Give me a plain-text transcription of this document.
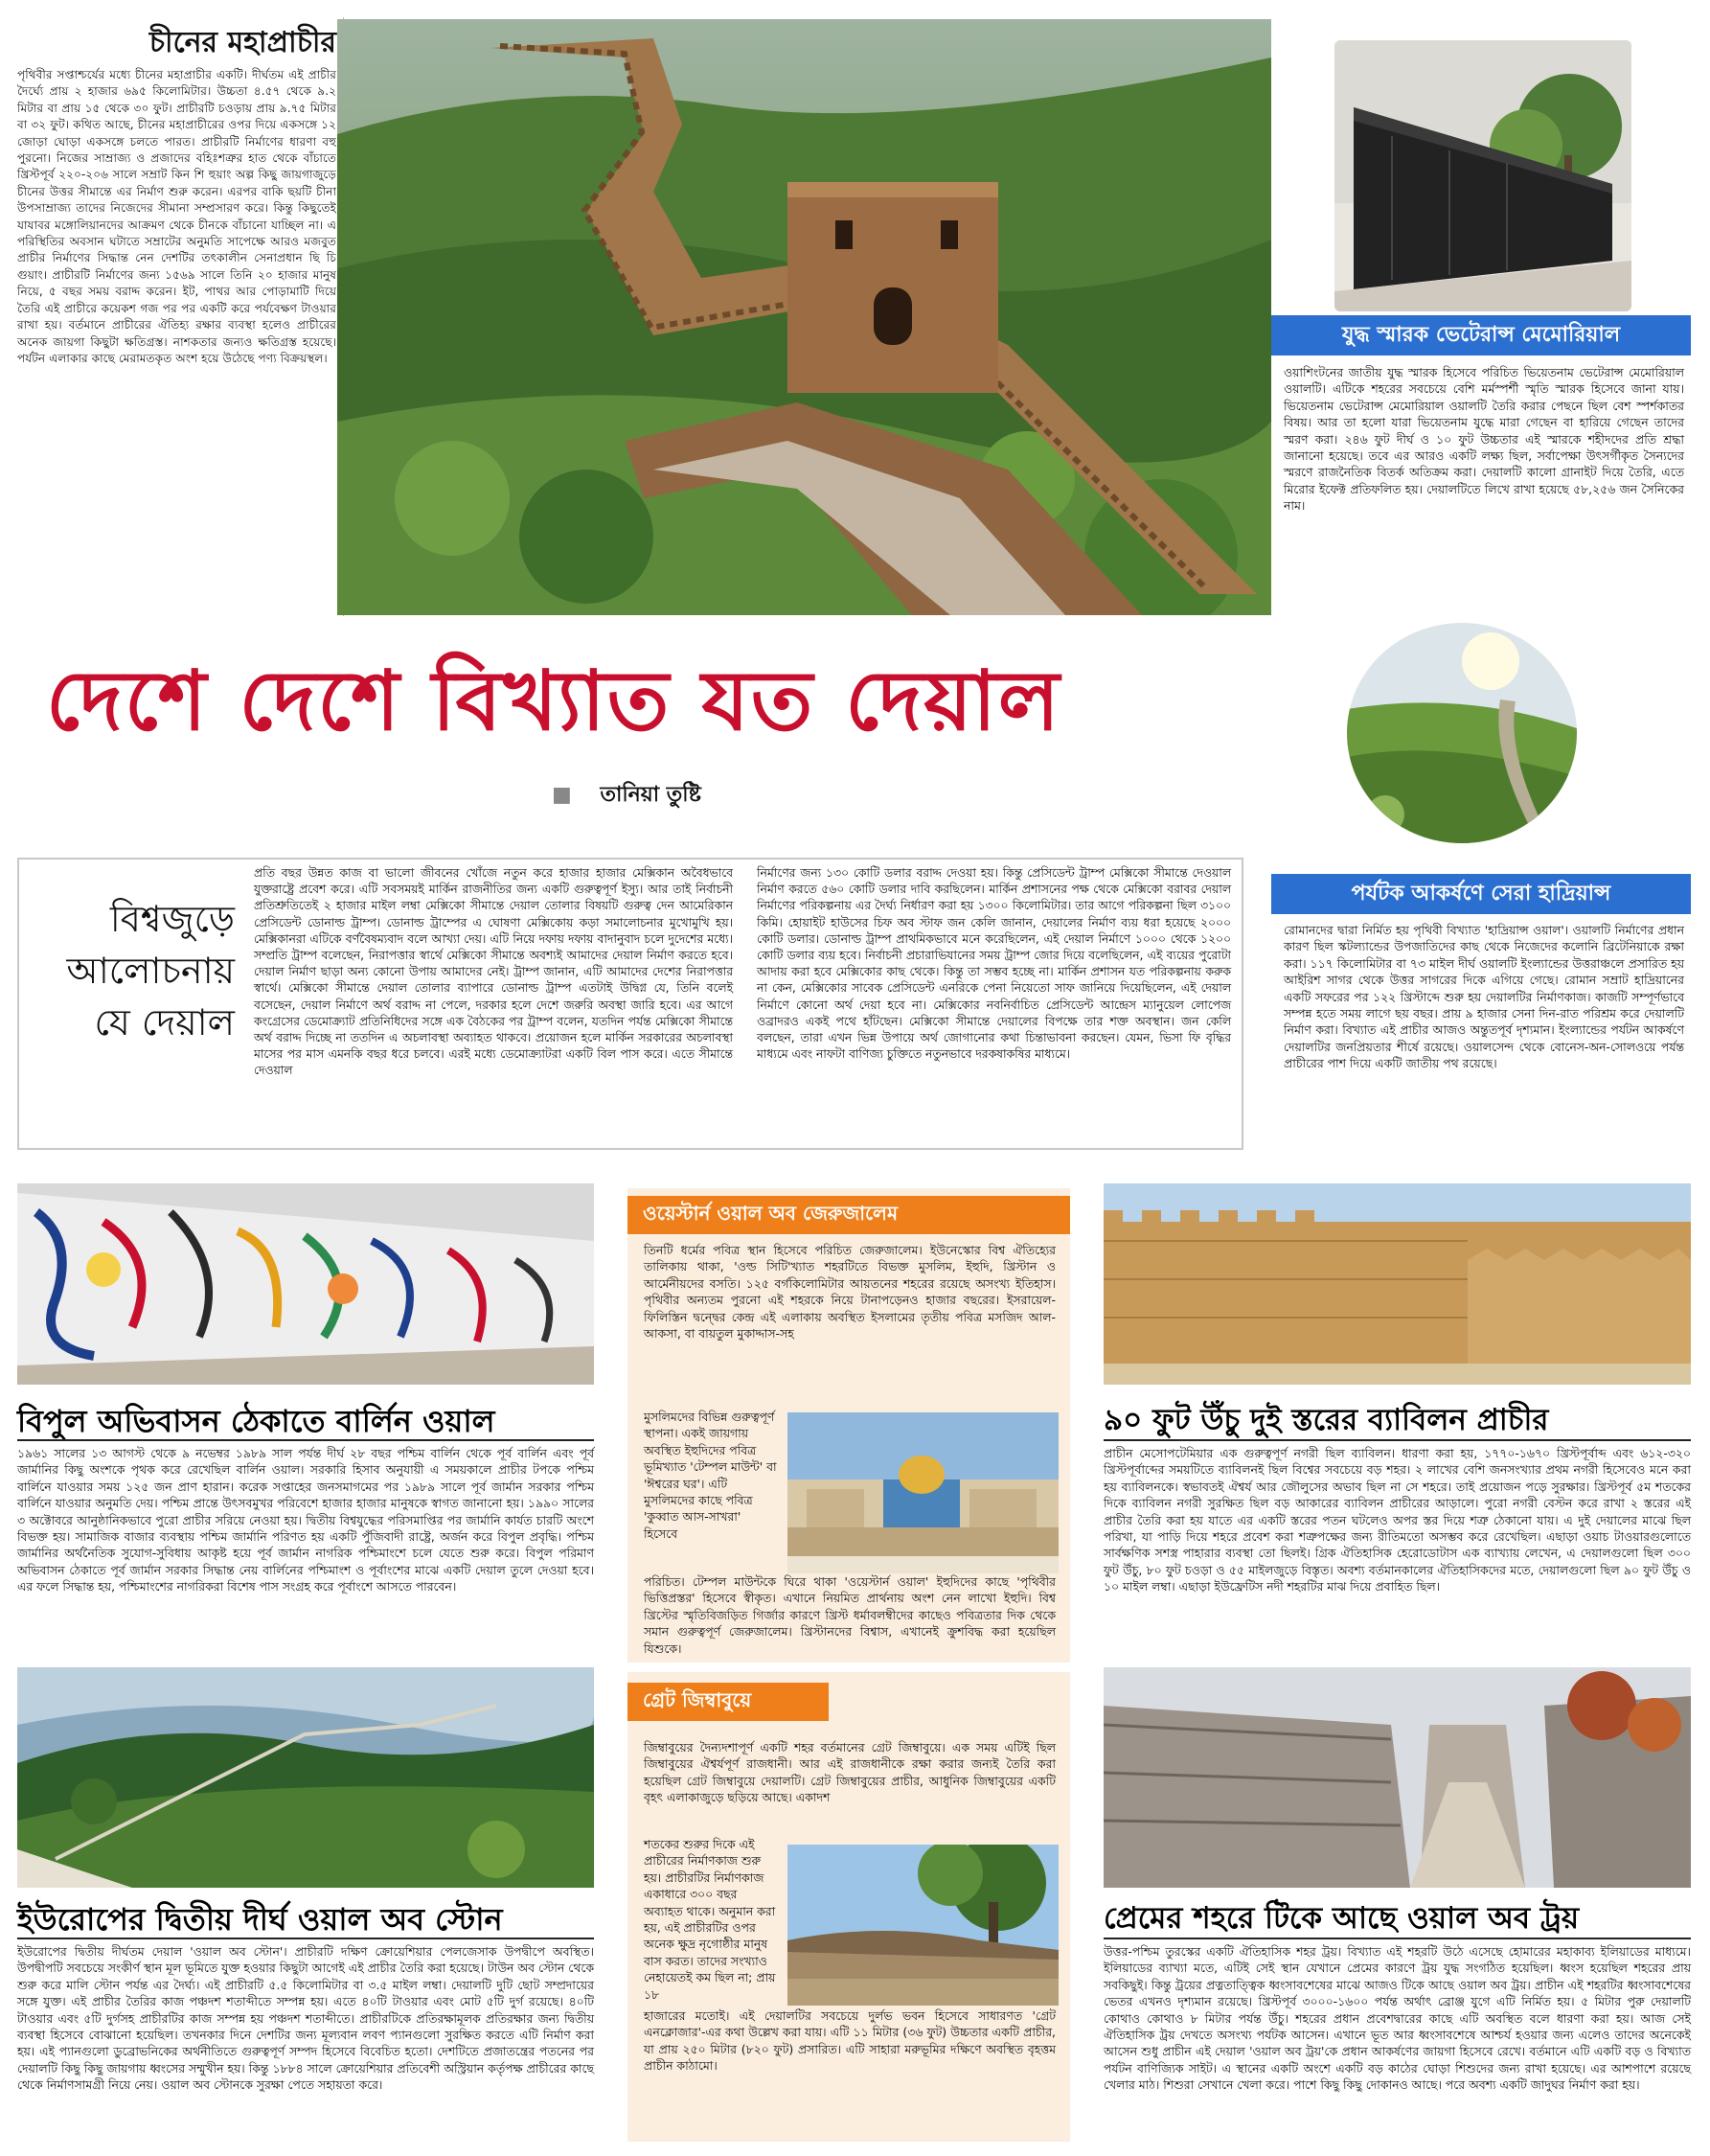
চীনের মহাপ্রাচীর
পৃথিবীর সপ্তাশ্চর্যের মধ্যে চীনের মহাপ্রাচীর একটি। দীর্ঘতম এই প্রাচীর দৈর্ঘ্যে প্রায় ২ হাজার ৬৯৫ কিলোমিটার। উচ্চতা ৪.৫৭ থেকে ৯.২ মিটার বা প্রায় ১৫ থেকে ৩০ ফুট। প্রাচীরটি চওড়ায় প্রায় ৯.৭৫ মিটার বা ৩২ ফুট। কথিত আছে, চীনের মহাপ্রাচীরের ওপর দিয়ে একসঙ্গে ১২ জোড়া ঘোড়া একসঙ্গে চলতে পারত। প্রাচীরটি নির্মাণের ধারণা বহু পুরনো। নিজের সাম্রাজ্য ও প্রজাদের বহিঃশত্রুর হাত থেকে বাঁচাতে খ্রিস্টপূর্ব ২২০-২০৬ সালে সম্রাট কিন শি হুয়াং অল্প কিছু জায়গাজুড়ে চীনের উত্তর সীমান্তে এর নির্মাণ শুরু করেন। এরপর বাকি ছয়টি চীনা উপসাম্রাজ্য তাদের নিজেদের সীমানা সম্প্রসারণ করে। কিন্তু কিছুতেই যাযাবর মঙ্গোলিয়ানদের আক্রমণ থেকে চীনকে বাঁচানো যাচ্ছিল না। এ পরিস্থিতির অবসান ঘটাতে সম্রাটের অনুমতি সাপেক্ষে আরও মজবুত প্রাচীর নির্মাণের সিদ্ধান্ত নেন দেশটির তৎকালীন সেনাপ্রধান ছি চি গুয়াং। প্রাচীরটি নির্মাণের জন্য ১৫৬৯ সালে তিনি ২০ হাজার মানুষ নিয়ে, ৫ বছর সময় বরাদ্দ করেন। ইট, পাথর আর পোড়ামাটি দিয়ে তৈরি এই প্রাচীরে কয়েকশ গজ পর পর একটি করে পর্যবেক্ষণ টাওয়ার রাখা হয়। বর্তমানে প্রাচীরের ঐতিহ্য রক্ষার ব্যবস্থা হলেও প্রাচীরের অনেক জায়গা কিছুটা ক্ষতিগ্রস্ত। নাশকতার জন্যও ক্ষতিগ্রস্ত হয়েছে। পর্যটন এলাকার কাছে মেরামতকৃত অংশ হয়ে উঠেছে পণ্য বিক্রয়স্থল।
যুদ্ধ স্মারক ভেটেরান্স মেমোরিয়াল
ওয়াশিংটনের জাতীয় যুদ্ধ স্মারক হিসেবে পরিচিত ভিয়েতনাম ভেটেরান্স মেমোরিয়াল ওয়ালটি। এটিকে শহরের সবচেয়ে বেশি মর্মস্পর্শী স্মৃতি স্মারক হিসেবে জানা যায়। ভিয়েতনাম ভেটেরান্স মেমোরিয়াল ওয়ালটি তৈরি করার পেছনে ছিল বেশ স্পর্শকাতর বিষয়। আর তা হলো যারা ভিয়েতনাম যুদ্ধে মারা গেছেন বা হারিয়ে গেছেন তাদের স্মরণ করা। ২৪৬ ফুট দীর্ঘ ও ১০ ফুট উচ্চতার এই স্মারকে শহীদদের প্রতি শ্রদ্ধা জানানো হয়েছে। তবে এর আরও একটি লক্ষ্য ছিল, সর্বাপেক্ষা উৎসর্গীকৃত সৈন্যদের স্মরণে রাজনৈতিক বিতর্ক অতিক্রম করা। দেয়ালটি কালো গ্রানাইট দিয়ে তৈরি, এতে মিরোর ইফেক্ট প্রতিফলিত হয়। দেয়ালটিতে লিখে রাখা হয়েছে ৫৮,২৫৬ জন সৈনিকের নাম।
পর্যটক আকর্ষণে সেরা হাদ্রিয়ান্স
রোমানদের দ্বারা নির্মিত হয় পৃথিবী বিখ্যাত 'হাদ্রিয়ান্স ওয়াল'। ওয়ালটি নির্মাণের প্রধান কারণ ছিল স্কটল্যান্ডের উপজাতিদের কাছ থেকে নিজেদের কলোনি ব্রিটেনিয়াকে রক্ষা করা। ১১৭ কিলোমিটার বা ৭৩ মাইল দীর্ঘ ওয়ালটি ইংল্যান্ডের উত্তরাঞ্চলে প্রসারিত হয় আইরিশ সাগর থেকে উত্তর সাগরের দিকে এগিয়ে গেছে। রোমান সম্রাট হাদ্রিয়ানের একটি সফরের পর ১২২ খ্রিস্টাব্দে শুরু হয় দেয়ালটির নির্মাণকাজ। কাজটি সম্পূর্ণভাবে সম্পন্ন হতে সময় লাগে ছয় বছর। প্রায় ৯ হাজার সেনা দিন-রাত পরিশ্রম করে দেয়ালটি নির্মাণ করা। বিখ্যাত এই প্রাচীর আজও অন্তুতপূর্ব দৃশ্যমান। ইংল্যান্ডের পর্যটন আকর্ষণে দেয়ালটির জনপ্রিয়তার শীর্ষে রয়েছে। ওয়ালসেন্দ থেকে বোনেস-অন-সোলওয়ে পর্যন্ত প্রাচীরের পাশ দিয়ে একটি জাতীয় পথ রয়েছে।
দেশে দেশে বিখ্যাত যত দেয়াল
■ তানিয়া তুষ্টি
বিশ্বজুড়ে
আলোচনায়
যে দেয়াল
প্রতি বছর উন্নত কাজ বা ভালো জীবনের খোঁজে নতুন করে হাজার হাজার মেক্সিকান অবৈধভাবে যুক্তরাষ্ট্রে প্রবেশ করে। এটি সবসময়ই মার্কিন রাজনীতির জন্য একটি গুরুত্বপূর্ণ ইস্যু। আর তাই নির্বাচনী প্রতিশ্রুতিতেই ২ হাজার মাইল লম্বা মেক্সিকো সীমান্তে দেয়াল তোলার বিষয়টি গুরুত্ব দেন আমেরিকান প্রেসিডেন্ট ডোনাল্ড ট্রাম্প। ডোনাল্ড ট্রাম্পের এ ঘোষণা মেক্সিকোয় কড়া সমালোচনার মুখোমুখি হয়। মেক্সিকানরা এটিকে বর্ণবৈষম্যবাদ বলে আখ্যা দেয়। এটি নিয়ে দফায় দফায় বাদানুবাদ চলে দুদেশের মধ্যে। সম্প্রতি ট্রাম্প বলেছেন, নিরাপত্তার স্বার্থে মেক্সিকো সীমান্তে অবশ্যই আমাদের দেয়াল নির্মাণ করতে হবে। দেয়াল নির্মাণ ছাড়া অন্য কোনো উপায় আমাদের নেই। ট্রাম্প জানান, এটি আমাদের দেশের নিরাপত্তার স্বার্থে। মেক্সিকো সীমান্তে দেয়াল তোলার ব্যাপারে ডোনাল্ড ট্রাম্প এতটাই উদ্বিগ্ন যে, তিনি বলেই বসেছেন, দেয়াল নির্মাণে অর্থ বরাদ্দ না পেলে, দরকার হলে দেশে জরুরি অবস্থা জারি হবে। এর আগে কংগ্রেসের ডেমোক্র্যাট প্রতিনিধিদের সঙ্গে এক বৈঠকের পর ট্রাম্প বলেন, যতদিন পর্যন্ত মেক্সিকো সীমান্তে অর্থ বরাদ্দ দিচ্ছে না ততদিন এ অচলাবস্থা অব্যাহত থাকবে। প্রয়োজন হলে মার্কিন সরকারের অচলাবস্থা মাসের পর মাস এমনকি বছর ধরে চলবে। এরই মধ্যে ডেমোক্র্যাটরা একটি বিল পাস করে। এতে সীমান্তে দেওয়াল
নির্মাণের জন্য ১৩০ কোটি ডলার বরাদ্দ দেওয়া হয়। কিন্তু প্রেসিডেন্ট ট্রাম্প মেক্সিকো সীমান্তে দেওয়াল নির্মাণ করতে ৫৬০ কোটি ডলার দাবি করছিলেন। মার্কিন প্রশাসনের পক্ষ থেকে মেক্সিকো বরাবর দেয়াল নির্মাণের পরিকল্পনায় এর দৈর্ঘ্য নির্ধারণ করা হয় ১৩০০ কিলোমিটার। তার আগে পরিকল্পনা ছিল ৩১০০ কিমি। হোয়াইট হাউসের চিফ অব স্টাফ জন কেলি জানান, দেয়ালের নির্মাণ ব্যয় ধরা হয়েছে ২০০০ কোটি ডলার। ডোনাল্ড ট্রাম্প প্রাথমিকভাবে মনে করেছিলেন, এই দেয়াল নির্মাণে ১০০০ থেকে ১২০০ কোটি ডলার ব্যয় হবে। নির্বাচনী প্রচারাভিযানের সময় ট্রাম্প জোর দিয়ে বলেছিলেন, এই ব্যয়ের পুরোটা আদায় করা হবে মেক্সিকোর কাছ থেকে। কিন্তু তা সম্ভব হচ্ছে না। মার্কিন প্রশাসন যত পরিকল্পনায় করুক না কেন, মেক্সিকোর সাবেক প্রেসিডেন্ট এনরিকে পেনা নিয়েতো সাফ জানিয়ে দিয়েছিলেন, এই দেয়াল নির্মাণে কোনো অর্থ দেয়া হবে না। মেক্সিকোর নবনির্বাচিত প্রেসিডেন্ট আন্দ্রেস ম্যানুয়েল লোপেজ ওব্রাদরও একই পথে হাঁটছেন। মেক্সিকো সীমান্তে দেয়ালের বিপক্ষে তার শক্ত অবস্থান। জন কেলি বলছেন, তারা এখন ভিন্ন উপায়ে অর্থ জোগানোর কথা চিন্তাভাবনা করছেন। যেমন, ভিসা ফি বৃদ্ধির মাধ্যমে এবং নাফটা বাণিজ্য চুক্তিতে নতুনভাবে দরকষাকষির মাধ্যমে।
বিপুল অভিবাসন ঠেকাতে বার্লিন ওয়াল
১৯৬১ সালের ১৩ আগস্ট থেকে ৯ নভেম্বর ১৯৮৯ সাল পর্যন্ত দীর্ঘ ২৮ বছর পশ্চিম বার্লিন থেকে পূর্ব বার্লিন এবং পূর্ব জার্মানির কিছু অংশকে পৃথক করে রেখেছিল বার্লিন ওয়াল। সরকারি হিসাব অনুযায়ী এ সময়কালে প্রাচীর টপকে পশ্চিম বার্লিনে যাওয়ার সময় ১২৫ জন প্রাণ হারান। করেক সপ্তাহের জনসমাগমের পর ১৯৮৯ সালে পূর্ব জার্মান সরকার পশ্চিম বার্লিনে যাওয়ার অনুমতি দেয়। পশ্চিম প্রান্তে উৎসবমুখর পরিবেশে হাজার হাজার মানুষকে স্বাগত জানানো হয়। ১৯৯০ সালের ৩ অক্টোবরে আনুষ্ঠানিকভাবে পুরো প্রাচীর সরিয়ে নেওয়া হয়। দ্বিতীয় বিশ্বযুদ্ধের পরিসমাপ্তির পর জার্মানি কার্যত চারটি অংশে বিভক্ত হয়। সামাজিক বাজার ব্যবস্থায় পশ্চিম জার্মানি পরিণত হয় একটি পুঁজিবাদী রাষ্ট্রে, অর্জন করে বিপুল প্রবৃদ্ধি। পশ্চিম জার্মানির অর্থনৈতিক সুযোগ-সুবিধায় আকৃষ্ট হয়ে পূর্ব জার্মান নাগরিক পশ্চিমাংশে চলে যেতে শুরু করে। বিপুল পরিমাণ অভিবাসন ঠেকাতে পূর্ব জার্মান সরকার সিদ্ধান্ত নেয় বার্লিনের পশ্চিমাংশ ও পূর্বাংশের মাঝে একটি দেয়াল তুলে দেওয়া হবে। এর ফলে সিদ্ধান্ত হয়, পশ্চিমাংশের নাগরিকরা বিশেষ পাস সংগ্রহ করে পূর্বাংশে আসতে পারবেন।
ইউরোপের দ্বিতীয় দীর্ঘ ওয়াল অব স্টোন
ইউরোপের দ্বিতীয় দীর্ঘতম দেয়াল 'ওয়াল অব স্টোন'। প্রাচীরটি দক্ষিণ ক্রোয়েশিয়ার পেলজেসাক উপদ্বীপে অবস্থিত। উপদ্বীপটি সবচেয়ে সংকীর্ণ স্থান মূল ভূমিতে যুক্ত হওয়ার কিছুটা আগেই এই প্রাচীর তৈরি করা হয়েছে। টাউন অব স্টোন থেকে শুরু করে মালি স্টোন পর্যন্ত এর দৈর্ঘ্য। এই প্রাচীরটি ৫.৫ কিলোমিটার বা ৩.৫ মাইল লম্বা। দেয়ালটি দুটি ছোট সম্প্রদায়ের সঙ্গে যুক্ত। এই প্রাচীর তৈরির কাজ পঞ্চদশ শতাব্দীতে সম্পন্ন হয়। এতে ৪০টি টাওয়ার এবং মোট ৫টি দুর্গ রয়েছে। ৪০টি টাওয়ার এবং ৫টি দুর্গসহ প্রাচীরটির কাজ সম্পন্ন হয় পঞ্চদশ শতাব্দীতে। প্রাচীরটিকে প্রতিরক্ষামূলক প্রতিরক্ষার জন্য দ্বিতীয় ব্যবস্থা হিসেবে বোঝানো হয়েছিল। তখনকার দিনে দেশটির জন্য মূল্যবান লবণ প্যানগুলো সুরক্ষিত করতে এটি নির্মাণ করা হয়। এই প্যানগুলো ডুব্রোভনিকের অর্থনীতিতে গুরুত্বপূর্ণ সম্পদ হিসেবে বিবেচিত হতো। দেশটিতে প্রজাতন্ত্রের পতনের পর দেয়ালটি কিছু কিছু জায়গায় ধ্বংসের সম্মুখীন হয়। কিন্তু ১৮৮৪ সালে ক্রোয়েশিয়ার প্রতিবেশী অস্ট্রিয়ান কর্তৃপক্ষ প্রাচীরের কাছে থেকে নির্মাণসামগ্রী নিয়ে নেয়। ওয়াল অব স্টোনকে সুরক্ষা পেতে সহায়তা করে।
ওয়েস্টার্ন ওয়াল অব জেরুজালেম
তিনটি ধর্মের পবিত্র স্থান হিসেবে পরিচিত জেরুজালেম। ইউনেস্কোর বিশ্ব ঐতিহ্যের তালিকায় থাকা, 'ওল্ড সিটি'খ্যাত শহরটিতে বিভক্ত মুসলিম, ইহুদি, খ্রিস্টান ও আর্মেনীয়দের বসতি। ১২৫ বর্গকিলোমিটার আয়তনের শহরের রয়েছে অসংখ্য ইতিহাস। পৃথিবীর অন্যতম পুরনো এই শহরকে নিয়ে টানাপড়েনও হাজার বছরের। ইসরায়েল-ফিলিস্তিন দ্বন্দ্বের কেন্দ্র এই এলাকায় অবস্থিত ইসলামের তৃতীয় পবিত্র মসজিদ আল-আকসা, বা বায়তুল মুকাদ্দাস-সহ
মুসলিমদের বিভিন্ন গুরুত্বপূর্ণ স্থাপনা। একই জায়গায় অবস্থিত ইহুদিদের পবিত্র ভূমিখ্যাত 'টেম্পল মাউন্ট' বা 'ঈশ্বরের ঘর'। এটি মুসলিমদের কাছে পবিত্র 'কুব্বাত আস-সাখরা' হিসেবে
পরিচিত। টেম্পল মাউন্টকে ঘিরে থাকা 'ওয়েস্টার্ন ওয়াল' ইহুদিদের কাছে 'পৃথিবীর ভিত্তিপ্রস্তর' হিসেবে স্বীকৃত। এখানে নিয়মিত প্রার্থনায় অংশ নেন লাখো ইহুদি। বিশ্ব খ্রিস্টের স্মৃতিবিজড়িত গির্জার কারণে খ্রিস্ট ধর্মাবলম্বীদের কাছেও পবিত্রতার দিক থেকে সমান গুরুত্বপূর্ণ জেরুজালেম। খ্রিস্টানদের বিশ্বাস, এখানেই ক্রুশবিদ্ধ করা হয়েছিল যিশুকে।
গ্রেট জিম্বাবুয়ে
জিম্বাবুয়ের দৈন্যদশাপূর্ণ একটি শহর বর্তমানের গ্রেট জিম্বাবুয়ে। এক সময় এটিই ছিল জিম্বাবুয়ের ঐশ্বর্যপূর্ণ রাজধানী। আর এই রাজধানীকে রক্ষা করার জন্যই তৈরি করা হয়েছিল গ্রেট জিম্বাবুয়ে দেয়ালটি। গ্রেট জিম্বাবুয়ের প্রাচীর, আধুনিক জিম্বাবুয়ের একটি বৃহৎ এলাকাজুড়ে ছড়িয়ে আছে। একাদশ
শতকের শুরুর দিকে এই প্রাচীরের নির্মাণকাজ শুরু হয়। প্রাচীরটির নির্মাণকাজ একাধারে ৩০০ বছর অব্যাহত থাকে। অনুমান করা হয়, এই প্রাচীরটির ওপর অনেক ক্ষুদ্র নৃগোষ্ঠীর মানুষ বাস করত। তাদের সংখ্যাও নেহায়েতই কম ছিল না; প্রায় ১৮
হাজারের মতোই। এই দেয়ালটির সবচেয়ে দুর্লভ ভবন হিসেবে সাধারণত 'গ্রেট এনক্লোজার'-এর কথা উল্লেখ করা যায়। এটি ১১ মিটার (৩৬ ফুট) উচ্চতার একটি প্রাচীর, যা প্রায় ২৫০ মিটার (৮২০ ফুট) প্রসারিত। এটি সাহারা মরুভূমির দক্ষিণে অবস্থিত বৃহত্তম প্রাচীন কাঠামো।
৯০ ফুট উঁচু দুই স্তরের ব্যাবিলন প্রাচীর
প্রাচীন মেসোপটেমিয়ার এক গুরুত্বপূর্ণ নগরী ছিল ব্যাবিলন। ধারণা করা হয়, ১৭৭০-১৬৭০ খ্রিস্টপূর্বাব্দ এবং ৬১২-৩২০ খ্রিস্টপূর্বাব্দের সময়টিতে ব্যাবিলনই ছিল বিশ্বের সবচেয়ে বড় শহর। ২ লাখের বেশি জনসংখ্যার প্রথম নগরী হিসেবেও মনে করা হয় ব্যাবিলনকে। স্বভাবতই ঐশ্বর্য আর জৌলুসের অভাব ছিল না সে শহরে। তাই প্রয়োজন পড়ে সুরক্ষার। খ্রিস্টপূর্ব ৫ম শতকের দিকে ব্যাবিলন নগরী সুরক্ষিত ছিল বড় আকারের ব্যাবিলন প্রাচীরের আড়ালে। পুরো নগরী বেস্টন করে রাখা ২ স্তরের এই প্রাচীর তৈরি করা হয় যাতে এর একটি স্তরের পতন ঘটলেও অপর স্তর দিয়ে শত্রু ঠেকানো যায়। এ দুই দেয়ালের মাঝে ছিল পরিখা, যা পাড়ি দিয়ে শহরে প্রবেশ করা শত্রুপক্ষের জন্য রীতিমতো অসম্ভব করে রেখেছিল। এছাড়া ওয়াচ টাওয়ারগুলোতে সার্বক্ষণিক সশস্ত্র পাহারার ব্যবস্থা তো ছিলই। গ্রিক ঐতিহাসিক হেরোডোটাস এক ব্যাখ্যায় লেখেন, এ দেয়ালগুলো ছিল ৩০০ ফুট উঁচু, ৮০ ফুট চওড়া ও ৫৫ মাইলজুড়ে বিস্তৃত। অবশ্য বর্তমানকালের ঐতিহাসিকদের মতে, দেয়ালগুলো ছিল ৯০ ফুট উঁচু ও ১০ মাইল লম্বা। এছাড়া ইউফ্রেটিস নদী শহরটির মাঝ দিয়ে প্রবাহিত ছিল।
প্রেমের শহরে টিকে আছে ওয়াল অব ট্রয়
উত্তর-পশ্চিম তুরস্কের একটি ঐতিহাসিক শহর ট্রয়। বিখ্যাত এই শহরটি উঠে এসেছে হোমারের মহাকাব্য ইলিয়াডের মাধ্যমে। ইলিয়াডের ব্যাখ্যা মতে, এটিই সেই স্থান যেখানে প্রেমের কারণে ট্রয় যুদ্ধ সংগঠিত হয়েছিল। ধ্বংস হয়েছিল শহরের প্রায় সবকিছুই। কিন্তু ট্রয়ের প্রত্নতাত্ত্বিক ধ্বংসাবশেষের মাঝে আজও টিকে আছে ওয়াল অব ট্রয়। প্রাচীন এই শহরটির ধ্বংসাবশেষের ভেতর এখনও দৃশ্যমান রয়েছে। খ্রিস্টপূর্ব ৩০০০-১৬০০ পর্যন্ত অর্থাৎ ব্রোঞ্জ যুগে এটি নির্মিত হয়। ৫ মিটার পুরু দেয়ালটি কোথাও কোথাও ৮ মিটার পর্যন্ত উঁচু। শহরের প্রধান প্রবেশদ্বারের কাছে এটি অবস্থিত বলে ধারণা করা হয়। আজ সেই ঐতিহাসিক ট্রয় দেখতে অসংখ্য পর্যটক আসেন। এখানে ভূত আর ধ্বংসাবশেষে আশ্চর্য হওয়ার জন্য এলেও তাদের অনেকেই আসেন শুধু প্রাচীন এই দেয়াল 'ওয়াল অব ট্রয়'কে প্রধান আকর্ষণের জায়গা হিসেবে রেখে। বর্তমানে এটি একটি বড় ও বিখ্যাত পর্যটন বাণিজ্যিক সাইট। এ স্থানের একটি অংশে একটি বড় কাঠের ঘোড়া শিশুদের জন্য রাখা হয়েছে। এর আশপাশে রয়েছে খেলার মাঠ। শিশুরা সেখানে খেলা করে। পাশে কিছু কিছু দোকানও আছে। পরে অবশ্য একটি জাদুঘর নির্মাণ করা হয়।
